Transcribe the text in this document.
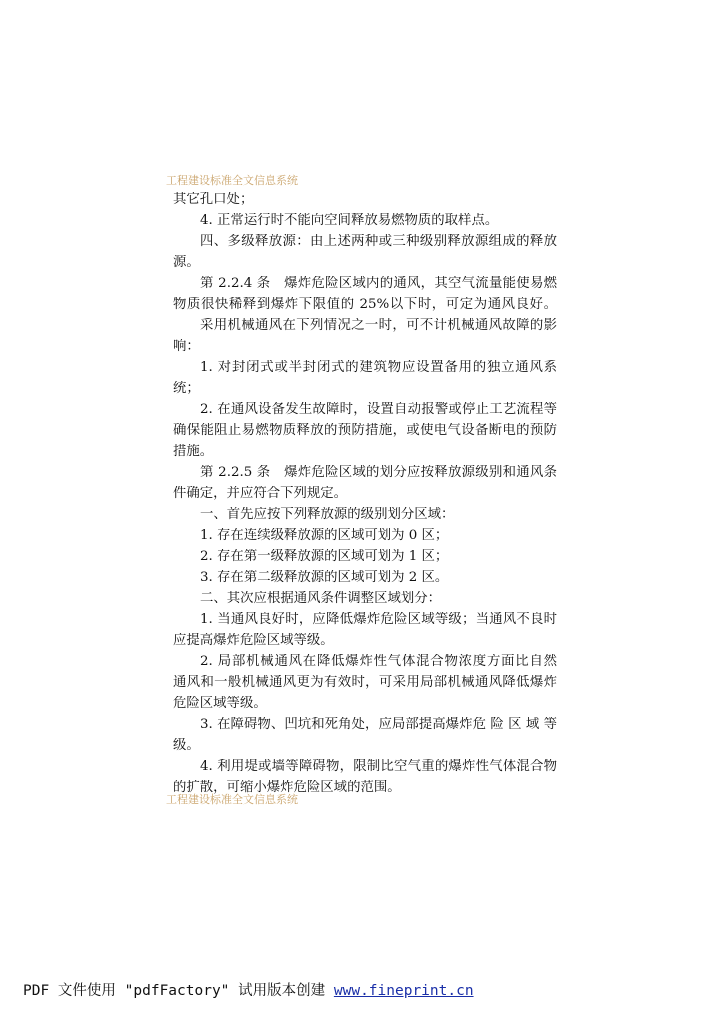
工程建设标准全文信息系统
其它孔口处；
4. 正常运行时不能向空间释放易燃物质的取样点。
四、多级释放源：由上述两种或三种级别释放源组成的释放
源。
第 2.2.4 条　爆炸危险区域内的通风，其空气流量能使易燃
物质很快稀释到爆炸下限值的 25%以下时，可定为通风良好。
采用机械通风在下列情况之一时，可不计机械通风故障的影
响：
1. 对封闭式或半封闭式的建筑物应设置备用的独立通风系
统；
2. 在通风设备发生故障时，设置自动报警或停止工艺流程等
确保能阻止易燃物质释放的预防措施，或使电气设备断电的预防
措施。
第 2.2.5 条　爆炸危险区域的划分应按释放源级别和通风条
件确定，并应符合下列规定。
一、首先应按下列释放源的级别划分区域：
1. 存在连续级释放源的区域可划为 0 区；
2. 存在第一级释放源的区域可划为 1 区；
3. 存在第二级释放源的区域可划为 2 区。
二、其次应根据通风条件调整区域划分：
1. 当通风良好时，应降低爆炸危险区域等级；当通风不良时
应提高爆炸危险区域等级。
2. 局部机械通风在降低爆炸性气体混合物浓度方面比自然
通风和一般机械通风更为有效时，可采用局部机械通风降低爆炸
危险区域等级。
3. 在障碍物、凹坑和死角处，应局部提高爆炸危 险 区 域 等
级。
4. 利用堤或墙等障碍物，限制比空气重的爆炸性气体混合物
的扩散，可缩小爆炸危险区域的范围。
工程建设标准全文信息系统
PDF 文件使用 "pdfFactory" 试用版本创建 www.fineprint.cn
